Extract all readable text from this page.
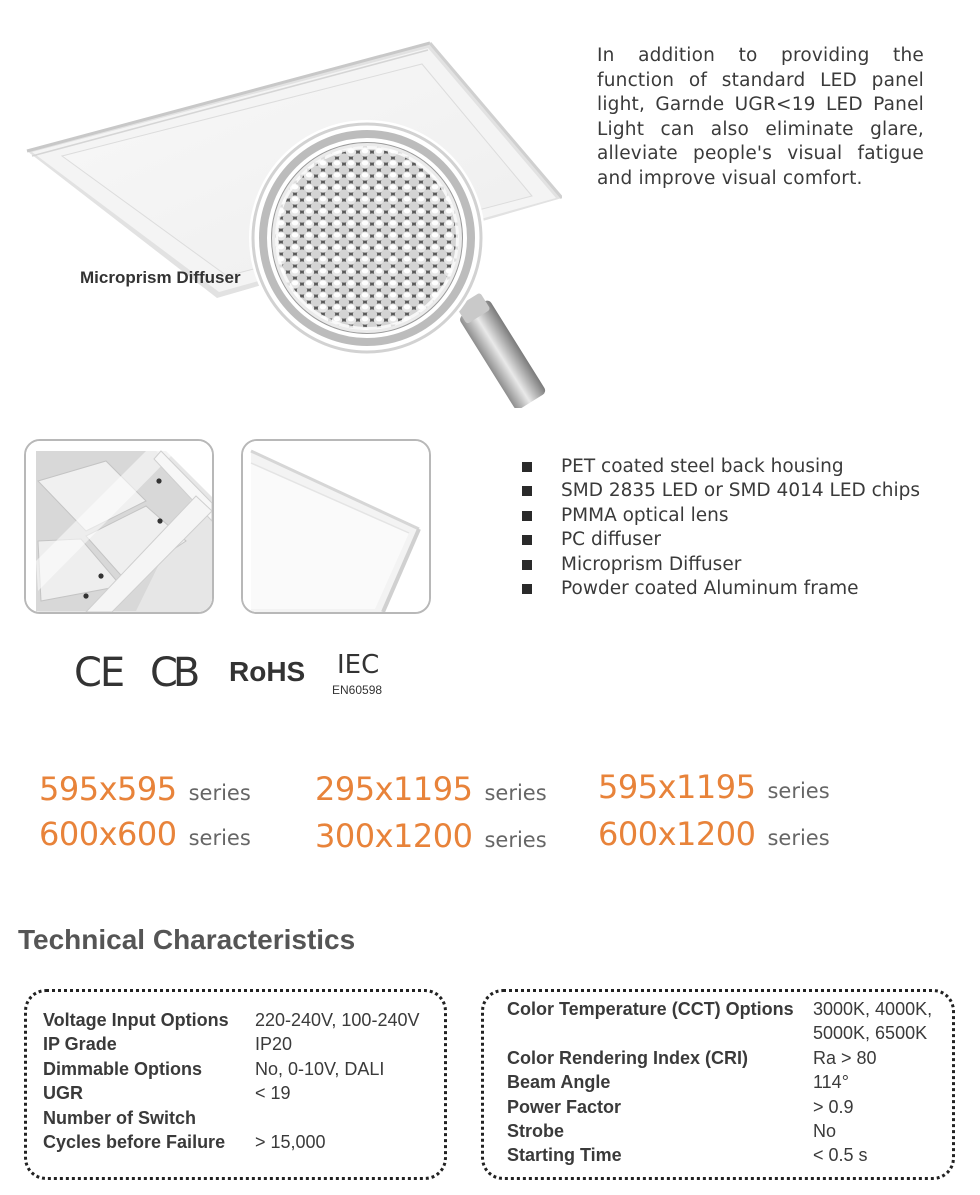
Microprism Diffuser
In addition to providing the function of standard LED panel light, Garnde UGR<19 LED Panel Light can also eliminate glare, alleviate people's visual fatigue and improve visual comfort.
PET coated steel back housing
SMD 2835 LED or SMD 4014 LED chips
PMMA optical lens
PC diffuser
Microprism Diffuser
Powder coated Aluminum frame
CE CB RoHS IEC
EN60598
595x595 series
600x600 series
295x1195 series
300x1200 series
595x1195 series
600x1200 series
Technical Characteristics
Voltage Input Options 220-240V, 100-240V
IP Grade	IP20
Dimmable Options	No, 0-10V, DALI
UGR	< 19
Number of Switch
Cycles before Failure > 15,000
Color Temperature (CCT) Options 3000K, 4000K,
5000K, 6500K
Color Rendering Index (CRI)	Ra > 80
Beam Angle	114°
Power Factor	> 0.9
Strobe	No
Starting Time	< 0.5 s
